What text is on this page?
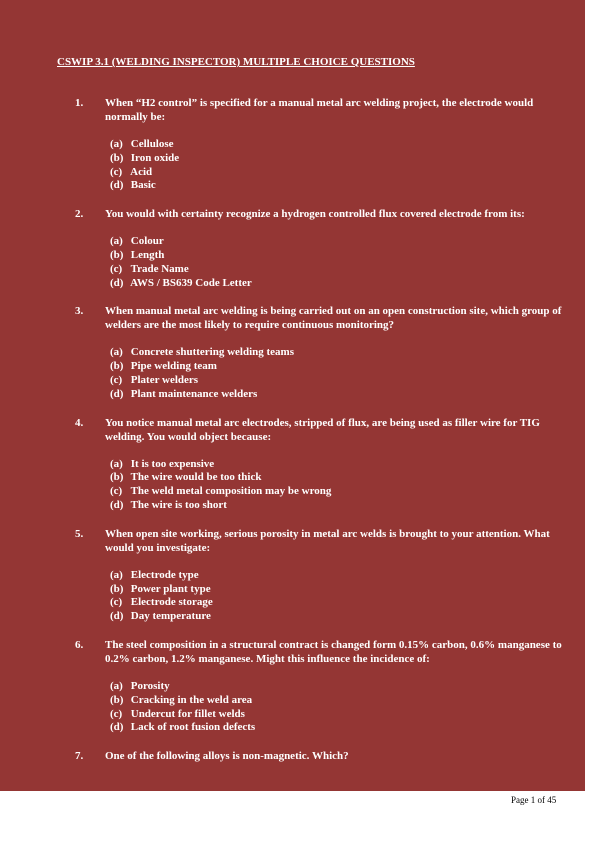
CSWIP 3.1 (WELDING INSPECTOR) MULTIPLE CHOICE QUESTIONS
1. When “H2 control” is specified for a manual metal arc welding project, the electrode would normally be:
(a) Cellulose
(b) Iron oxide
(c) Acid
(d) Basic
2. You would with certainty recognize a hydrogen controlled flux covered electrode from its:
(a) Colour
(b) Length
(c) Trade Name
(d) AWS / BS639 Code Letter
3. When manual metal arc welding is being carried out on an open construction site, which group of welders are the most likely to require continuous monitoring?
(a) Concrete shuttering welding teams
(b) Pipe welding team
(c) Plater welders
(d) Plant maintenance welders
4. You notice manual metal arc electrodes, stripped of flux, are being used as filler wire for TIG welding. You would object because:
(a) It is too expensive
(b) The wire would be too thick
(c) The weld metal composition may be wrong
(d) The wire is too short
5. When open site working, serious porosity in metal arc welds is brought to your attention. What would you investigate:
(a) Electrode type
(b) Power plant type
(c) Electrode storage
(d) Day temperature
6. The steel composition in a structural contract is changed form 0.15% carbon, 0.6% manganese to 0.2% carbon, 1.2% manganese. Might this influence the incidence of:
(a) Porosity
(b) Cracking in the weld area
(c) Undercut for fillet welds
(d) Lack of root fusion defects
7. One of the following alloys is non-magnetic. Which?
Page 1 of 45
